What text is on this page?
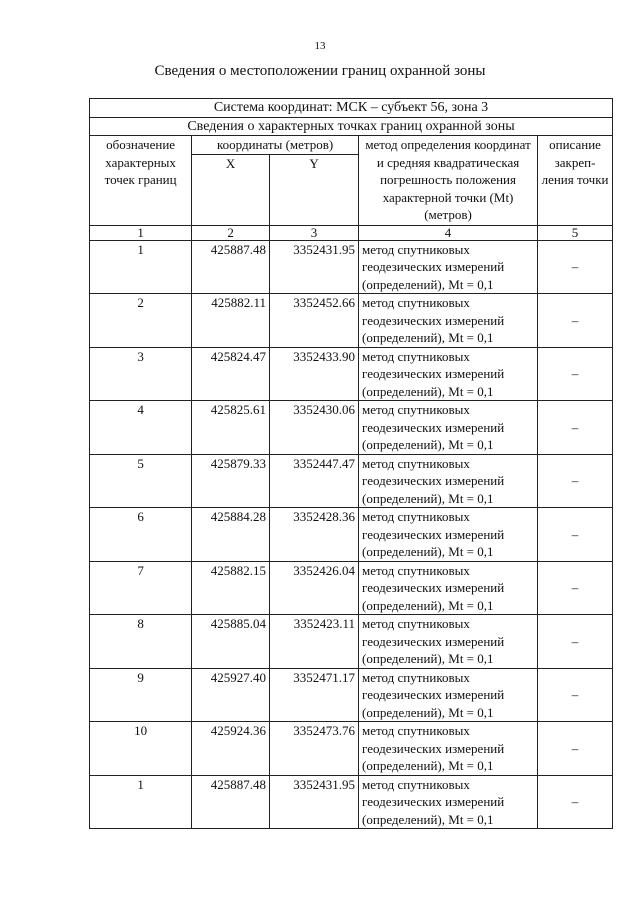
13
Сведения о местоположении границ охранной зоны
Система координат: МСК – субъект 56, зона 3				
Сведения о характерных точках границ охранной зоны				
обозначение характерных точек границ	координаты (метров)		метод определения координат и средняя квадратическая погрешность положения характерной точки (Mt) (метров)	описание закреп-ления точки
	X	Y		
1	2	3	4	5
1	425887.48	3352431.95	метод спутниковых геодезических измерений (определений), Mt = 0,1	–
2	425882.11	3352452.66	метод спутниковых геодезических измерений (определений), Mt = 0,1	–
3	425824.47	3352433.90	метод спутниковых геодезических измерений (определений), Mt = 0,1	–
4	425825.61	3352430.06	метод спутниковых геодезических измерений (определений), Mt = 0,1	–
5	425879.33	3352447.47	метод спутниковых геодезических измерений (определений), Mt = 0,1	–
6	425884.28	3352428.36	метод спутниковых геодезических измерений (определений), Mt = 0,1	–
7	425882.15	3352426.04	метод спутниковых геодезических измерений (определений), Mt = 0,1	–
8	425885.04	3352423.11	метод спутниковых геодезических измерений (определений), Mt = 0,1	–
9	425927.40	3352471.17	метод спутниковых геодезических измерений (определений), Mt = 0,1	–
10	425924.36	3352473.76	метод спутниковых геодезических измерений (определений), Mt = 0,1	–
1	425887.48	3352431.95	метод спутниковых геодезических измерений (определений), Mt = 0,1	–
